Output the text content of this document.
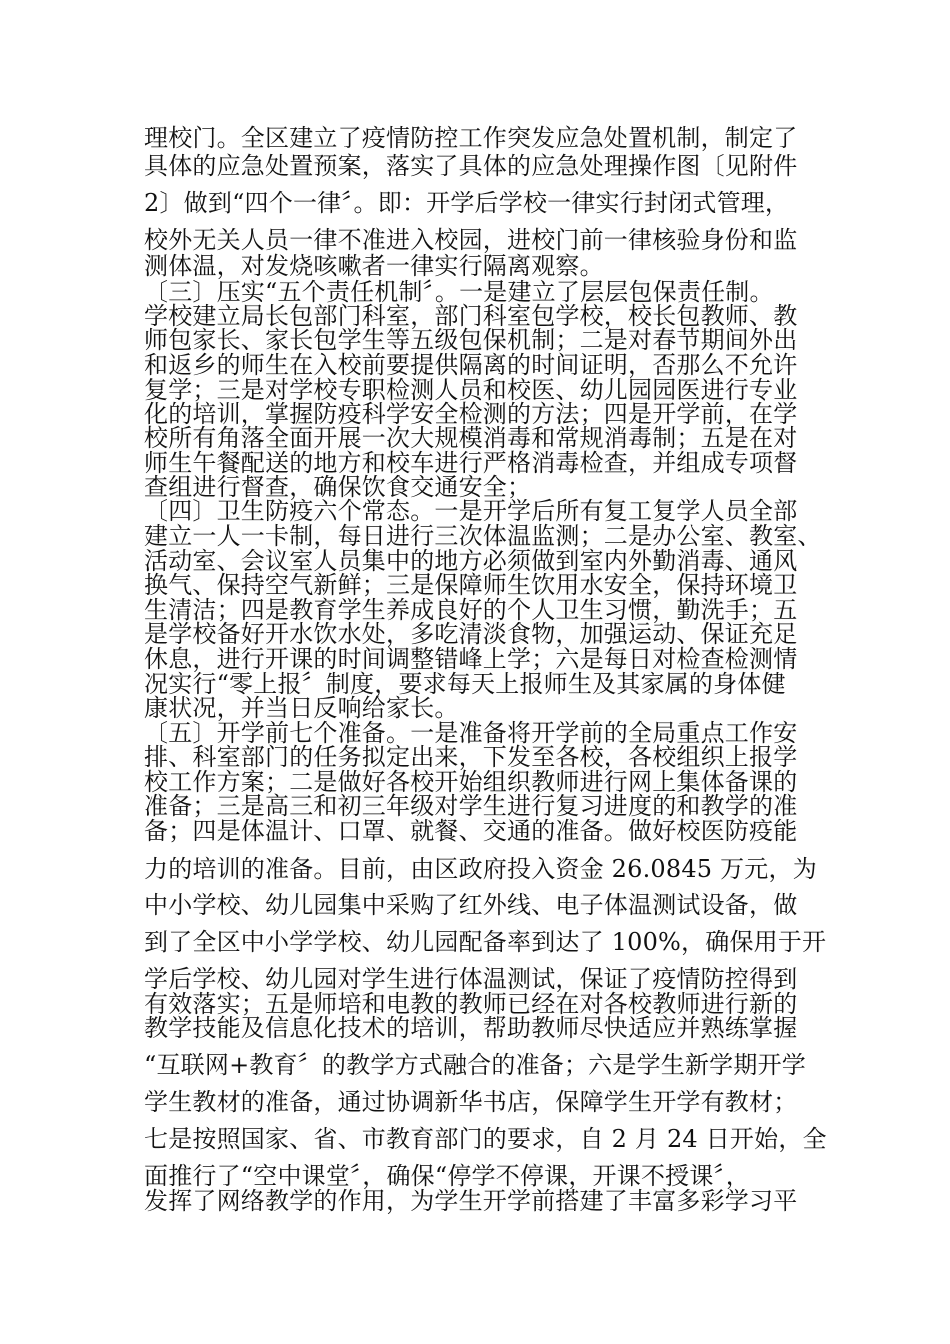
理校门。全区建立了疫情防控工作突发应急处置机制，制定了
具体的应急处置预案，落实了具体的应急处理操作图〔见附件
2〕做到“四个一律〞。即：开学后学校一律实行封闭式管理，
校外无关人员一律不准进入校园，进校门前一律核验身份和监
测体温，对发烧咳嗽者一律实行隔离观察。
〔三〕压实“五个责任机制〞。一是建立了层层包保责任制。
学校建立局长包部门科室，部门科室包学校，校长包教师、教
师包家长、家长包学生等五级包保机制；二是对春节期间外出
和返乡的师生在入校前要提供隔离的时间证明，否那么不允许
复学；三是对学校专职检测人员和校医、幼儿园园医进行专业
化的培训，掌握防疫科学安全检测的方法；四是开学前，在学
校所有角落全面开展一次大规模消毒和常规消毒制；五是在对
师生午餐配送的地方和校车进行严格消毒检查，并组成专项督
查组进行督查，确保饮食交通安全；
〔四〕卫生防疫六个常态。一是开学后所有复工复学人员全部
建立一人一卡制，每日进行三次体温监测；二是办公室、教室、
活动室、会议室人员集中的地方必须做到室内外勤消毒、通风
换气、保持空气新鲜；三是保障师生饮用水安全，保持环境卫
生清洁；四是教育学生养成良好的个人卫生习惯，勤洗手；五
是学校备好开水饮水处，多吃清淡食物，加强运动、保证充足
休息，进行开课的时间调整错峰上学；六是每日对检查检测情
况实行“零上报〞制度，要求每天上报师生及其家属的身体健
康状况，并当日反响给家长。
〔五〕开学前七个准备。一是准备将开学前的全局重点工作安
排、科室部门的任务拟定出来，下发至各校，各校组织上报学
校工作方案；二是做好各校开始组织教师进行网上集体备课的
准备；三是高三和初三年级对学生进行复习进度的和教学的准
备；四是体温计、口罩、就餐、交通的准备。做好校医防疫能
力的培训的准备。目前，由区政府投入资金 26.0845 万元，为
中小学校、幼儿园集中采购了红外线、电子体温测试设备，做
到了全区中小学学校、幼儿园配备率到达了 100%，确保用于开
学后学校、幼儿园对学生进行体温测试，保证了疫情防控得到
有效落实；五是师培和电教的教师已经在对各校教师进行新的
教学技能及信息化技术的培训，帮助教师尽快适应并熟练掌握
“互联网+教育〞的教学方式融合的准备；六是学生新学期开学
学生教材的准备，通过协调新华书店，保障学生开学有教材；
七是按照国家、省、市教育部门的要求，自 2 月 24 日开始，全
面推行了“空中课堂〞，确保“停学不停课，开课不授课〞，
发挥了网络教学的作用，为学生开学前搭建了丰富多彩学习平
